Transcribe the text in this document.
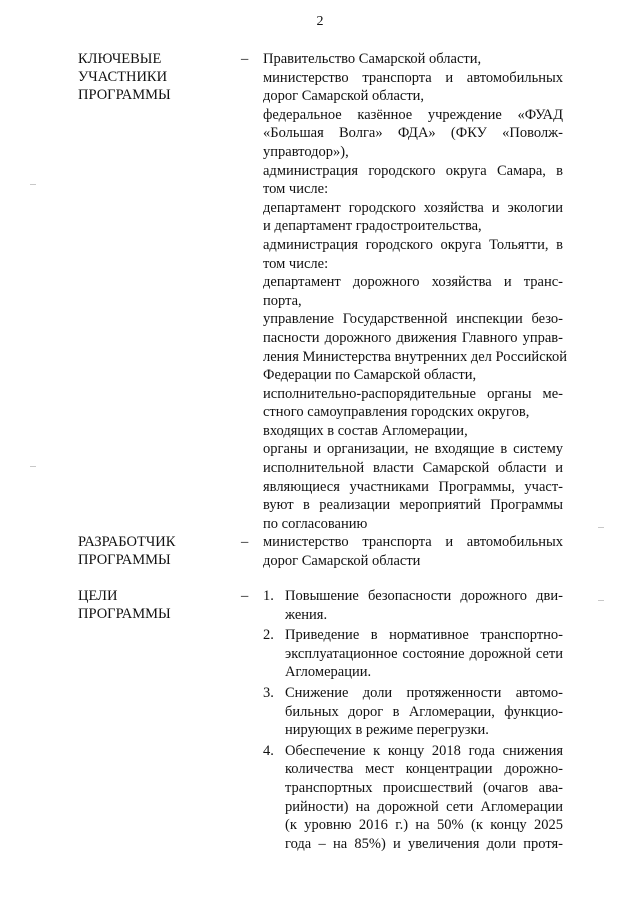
2
КЛЮЧЕВЫЕ
УЧАСТНИКИ
ПРОГРАММЫ
– Правительство Самарской области,
министерство транспорта и автомобильных
дорог Самарской области,
федеральное казённое учреждение «ФУАД
«Большая Волга» ФДА» (ФКУ «Поволж-
управтодор»),
администрация городского округа Самара, в
том числе:
департамент городского хозяйства и экологии
и департамент градостроительства,
администрация городского округа Тольятти, в
том числе:
департамент дорожного хозяйства и транс-
порта,
управление Государственной инспекции безо-
пасности дорожного движения Главного управ-
ления Министерства внутренних дел Российской
Федерации по Самарской области,
исполнительно-распорядительные органы ме-
стного самоуправления городских округов,
входящих в состав Агломерации,
органы и организации, не входящие в систему
исполнительной власти Самарской области и
являющиеся участниками Программы, участ-
вуют в реализации мероприятий Программы
по согласованию
РАЗРАБОТЧИК
ПРОГРАММЫ
– министерство транспорта и автомобильных
дорог Самарской области
ЦЕЛИ
ПРОГРАММЫ
– 1. Повышение безопасности дорожного дви-
жения.
2. Приведение в нормативное транспортно-
эксплуатационное состояние дорожной сети
Агломерации.
3. Снижение доли протяженности автомо-
бильных дорог в Агломерации, функцио-
нирующих в режиме перегрузки.
4. Обеспечение к концу 2018 года снижения
количества мест концентрации дорожно-
транспортных происшествий (очагов ава-
рийности) на дорожной сети Агломерации
(к уровню 2016 г.) на 50% (к концу 2025
года – на 85%) и увеличения доли протя-
